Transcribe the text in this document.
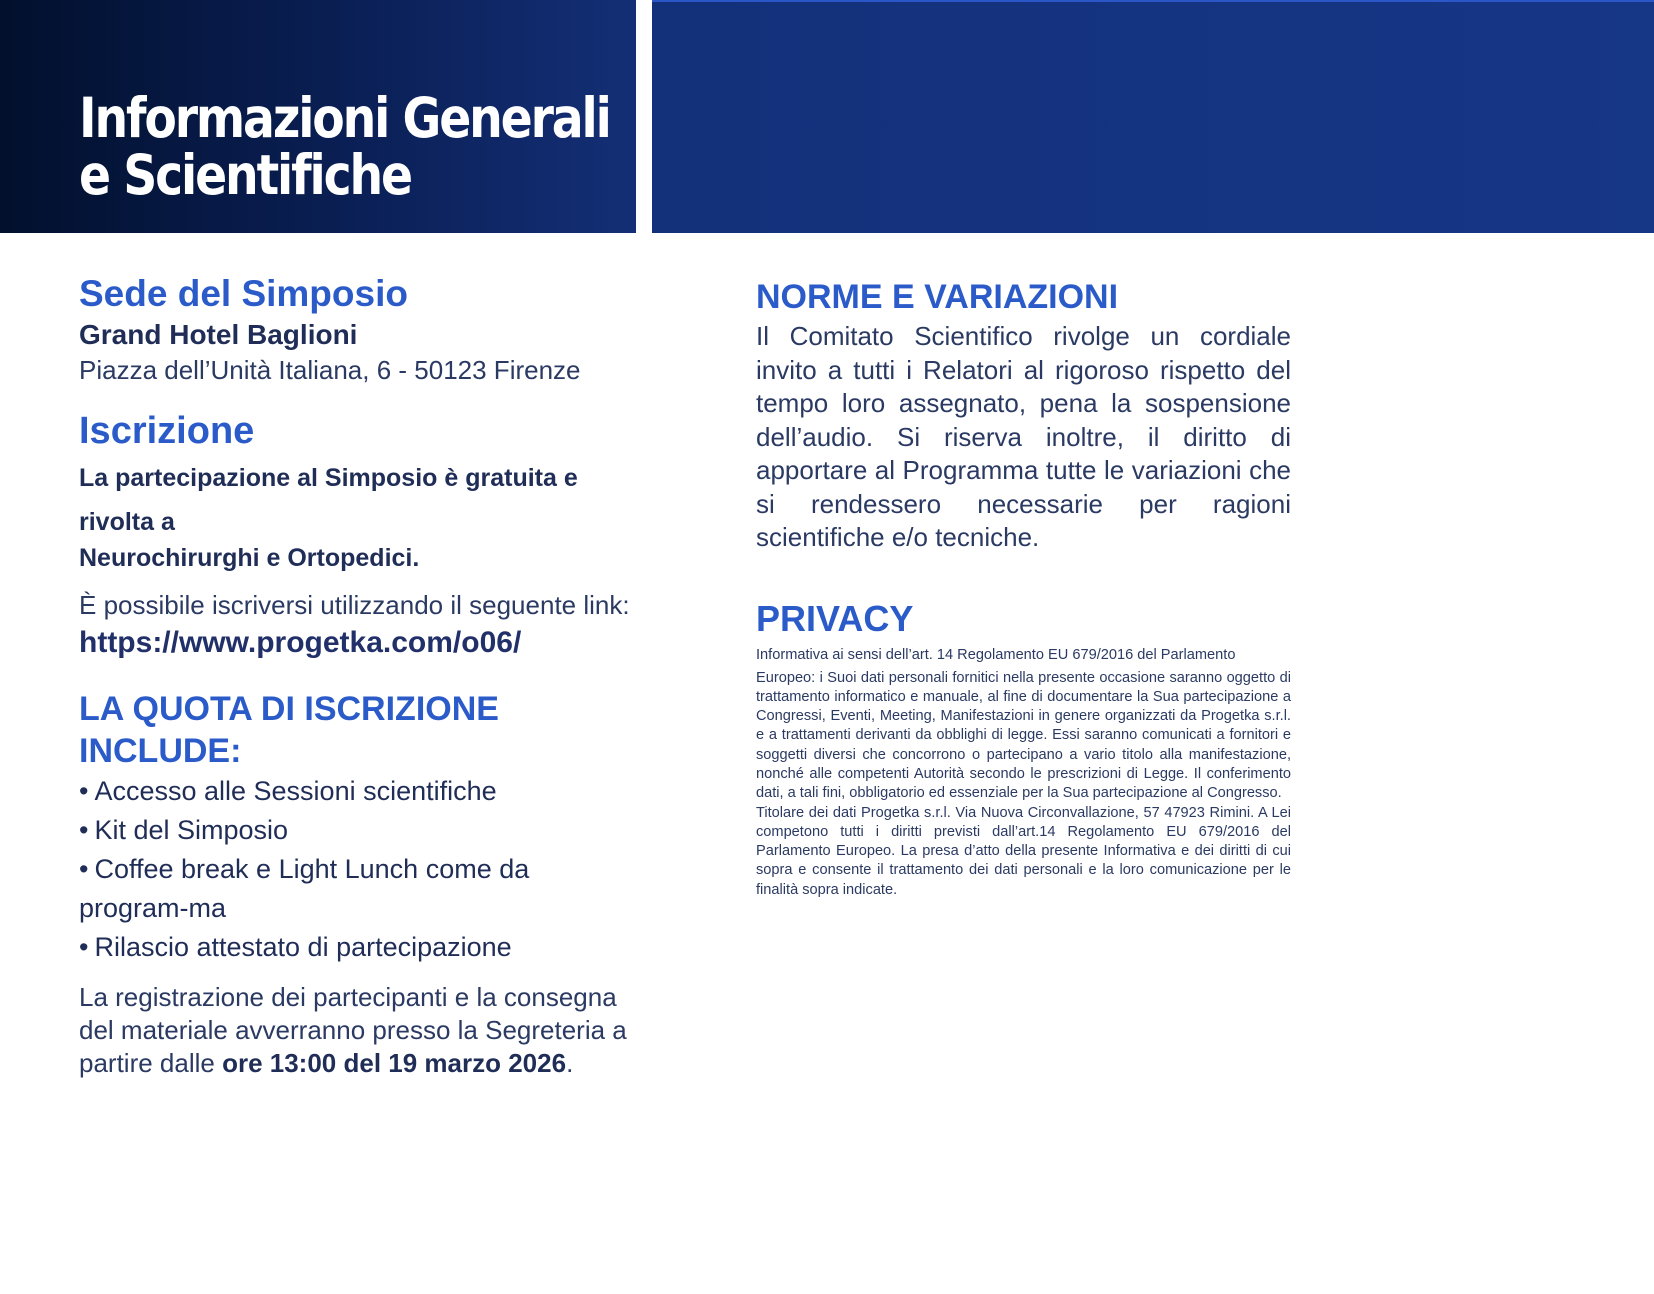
Informazioni Generali
e Scientifiche
Sede del Simposio
Grand Hotel Baglioni
Piazza dell’Unità Italiana, 6 - 50123 Firenze
Iscrizione
La partecipazione al Simposio è gratuita e
rivolta a
Neurochirurghi e Ortopedici.
È possibile iscriversi utilizzando il seguente link: https://www.progetka.com/o06/
LA QUOTA DI ISCRIZIONE INCLUDE:
• Accesso alle Sessioni scientifiche
• Kit del Simposio
• Coffee break e Light Lunch come da program-ma
• Rilascio attestato di partecipazione
La registrazione dei partecipanti e la consegna del materiale avverranno presso la Segreteria a partire dalle ore 13:00 del 19 marzo 2026.
NORME E VARIAZIONI
Il Comitato Scientifico rivolge un cordiale invito a tutti i Relatori al rigoroso rispetto del tempo loro assegnato, pena la sospensione dell’audio. Si riserva inoltre, il diritto di apportare al Programma tutte le variazioni che si rendessero necessarie per ragioni scientifiche e/o tecniche.
PRIVACY
Informativa ai sensi dell’art. 14 Regolamento EU 679/2016 del Parlamento
Europeo: i Suoi dati personali fornitici nella presente occasione saranno oggetto di trattamento informatico e manuale, al fine di documentare la Sua partecipazione a Congressi, Eventi, Meeting, Manifestazioni in genere organizzati da Progetka s.r.l. e a trattamenti derivanti da obblighi di legge. Essi saranno comunicati a fornitori e soggetti diversi che concorrono o partecipano a vario titolo alla manifestazione, nonché alle competenti Autorità secondo le prescrizioni di Legge. Il conferimento dati, a tali fini, obbligatorio ed essenziale per la Sua partecipazione al Congresso.
Titolare dei dati Progetka s.r.l. Via Nuova Circonvallazione, 57 47923 Rimini. A Lei competono tutti i diritti previsti dall’art.14 Regolamento EU 679/2016 del Parlamento Europeo. La presa d’atto della presente Informativa e dei diritti di cui sopra e consente il trattamento dei dati personali e la loro comunicazione per le finalità sopra indicate.
